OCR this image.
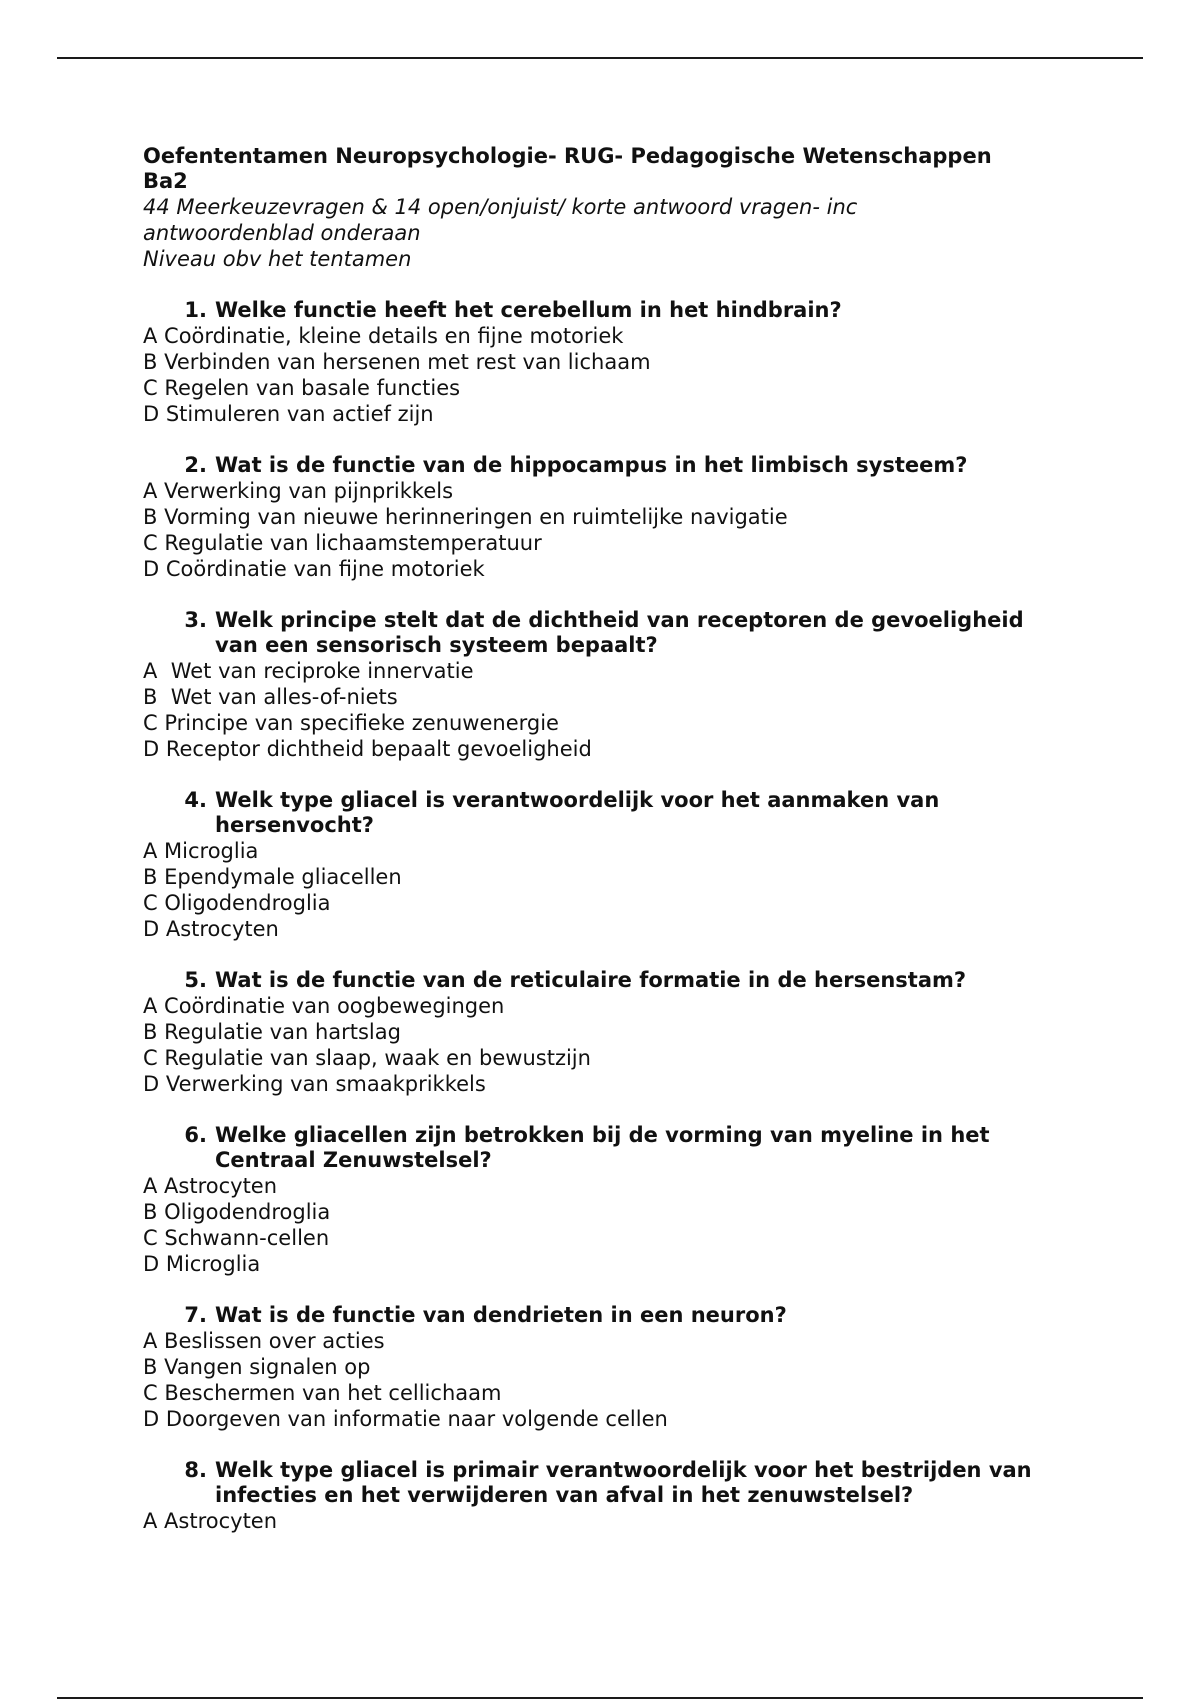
Oefententamen Neuropsychologie- RUG- Pedagogische Wetenschappen

Ba2

44 Meerkeuzevragen & 14 open/onjuist/ korte antwoord vragen- inc

antwoordenblad onderaan

Niveau obv het tentamen

1. Welke functie heeft het cerebellum in het hindbrain?

A Coördinatie, kleine details en fijne motoriek

B Verbinden van hersenen met rest van lichaam

C Regelen van basale functies

D Stimuleren van actief zijn

2. Wat is de functie van de hippocampus in het limbisch systeem?

A Verwerking van pijnprikkels

B Vorming van nieuwe herinneringen en ruimtelijke navigatie

C Regulatie van lichaamstemperatuur

D Coördinatie van fijne motoriek

3. Welk principe stelt dat de dichtheid van receptoren de gevoeligheid van een sensorisch systeem bepaalt?

A  Wet van reciproke innervatie

B  Wet van alles-of-niets

C Principe van specifieke zenuwenergie

D Receptor dichtheid bepaalt gevoeligheid

4. Welk type gliacel is verantwoordelijk voor het aanmaken van hersenvocht?

A Microglia

B Ependymale gliacellen

C Oligodendroglia

D Astrocyten

5. Wat is de functie van de reticulaire formatie in de hersenstam?

A Coördinatie van oogbewegingen

B Regulatie van hartslag

C Regulatie van slaap, waak en bewustzijn

D Verwerking van smaakprikkels

6. Welke gliacellen zijn betrokken bij de vorming van myeline in het Centraal Zenuwstelsel?

A Astrocyten

B Oligodendroglia

C Schwann-cellen

D Microglia

7. Wat is de functie van dendrieten in een neuron?

A Beslissen over acties

B Vangen signalen op

C Beschermen van het cellichaam

D Doorgeven van informatie naar volgende cellen

8. Welk type gliacel is primair verantwoordelijk voor het bestrijden van infecties en het verwijderen van afval in het zenuwstelsel?

A Astrocyten
